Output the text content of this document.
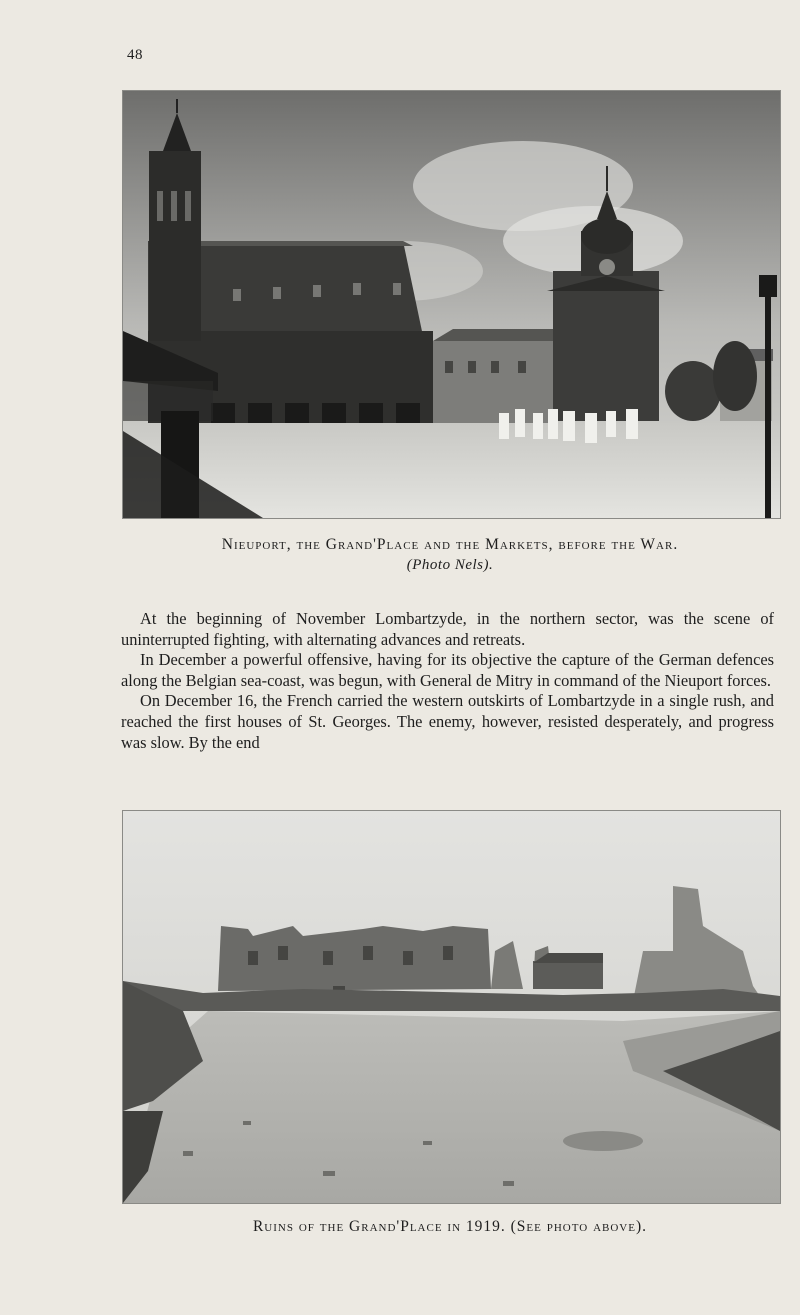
48
Nieuport, the Grand'Place and the Markets, before the War.
(Photo Nels).

At the beginning of November Lombartzyde, in the northern sector, was the scene of uninterrupted fighting, with alternating advances and retreats.

In December a powerful offensive, having for its objective the capture of the German defences along the Belgian sea-coast, was begun, with General de Mitry in command of the Nieuport forces.

On December 16, the French carried the western outskirts of Lombartzyde in a single rush, and reached the first houses of St. Georges. The enemy, however, resisted desperately, and progress was slow. By the end

Ruins of the Grand'Place in 1919. (See photo above).
